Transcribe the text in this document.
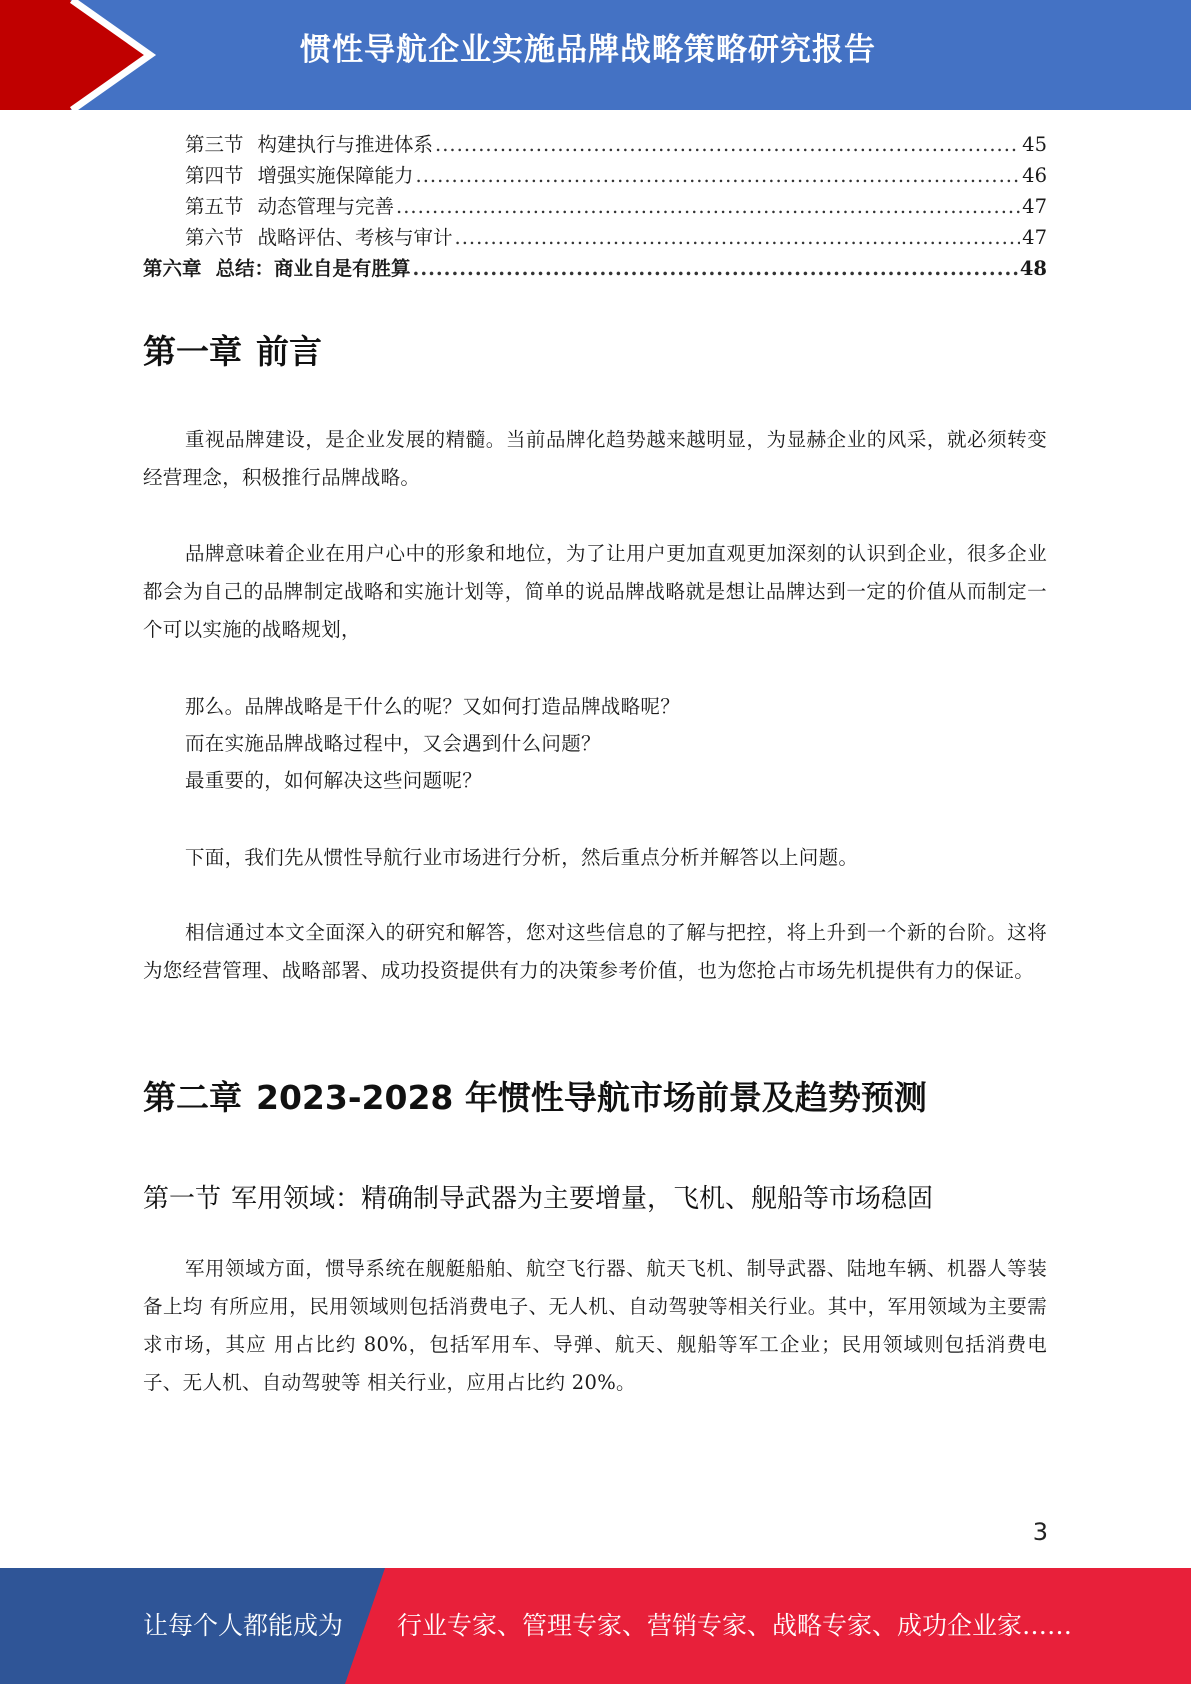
惯性导航企业实施品牌战略策略研究报告
第三节 构建执行与推进体系 .....	45
第四节 增强实施保障能力 .....	46
第五节 动态管理与完善 .....	47
第六节 战略评估、考核与审计 .....	47
第六章 总结：商业自是有胜算 .....	48
第一章 前言

重视品牌建设，是企业发展的精髓。当前品牌化趋势越来越明显，为显赫企业的风采，就必须转变经营理念，积极推行品牌战略。

品牌意味着企业在用户心中的形象和地位，为了让用户更加直观更加深刻的认识到企业，很多企业都会为自己的品牌制定战略和实施计划等，简单的说品牌战略就是想让品牌达到一定的价值从而制定一个可以实施的战略规划，

那么。品牌战略是干什么的呢？又如何打造品牌战略呢？

而在实施品牌战略过程中，又会遇到什么问题？

最重要的，如何解决这些问题呢？

下面，我们先从惯性导航行业市场进行分析，然后重点分析并解答以上问题。

相信通过本文全面深入的研究和解答，您对这些信息的了解与把控，将上升到一个新的台阶。这将为您经营管理、战略部署、成功投资提供有力的决策参考价值，也为您抢占市场先机提供有力的保证。

第二章 2023-2028 年惯性导航市场前景及趋势预测
第一节 军用领域：精确制导武器为主要增量，飞机、舰船等市场稳固

军用领域方面，惯导系统在舰艇船舶、航空飞行器、航天飞机、制导武器、陆地车辆、机器人等装备上均 有所应用，民用领域则包括消费电子、无人机、自动驾驶等相关行业。其中，军用领域为主要需求市场，其应 用占比约 80%，包括军用车、导弹、航天、舰船等军工企业；民用领域则包括消费电子、无人机、自动驾驶等 相关行业，应用占比约 20%。

3
让每个人都能成为 行业专家、管理专家、营销专家、战略专家、成功企业家……
